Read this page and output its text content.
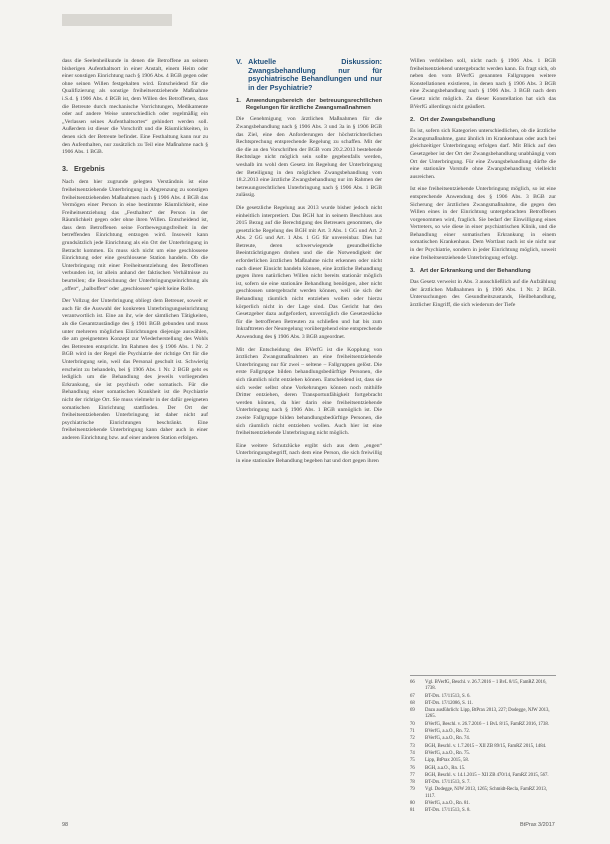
dass die Seelenheilkunde in denen die Betroffene an seinem bisherigen Aufenthaltsort in einer Anstalt, einem Heim oder einer sonstigen Einrichtung nach § 1906 Abs. 4 BGB gegen oder ohne seinen Willen festgehalten wird. Entscheidend für die Qualifizierung als sonstige freiheitsentziehende Maßnahme i.S.d. § 1906 Abs. 4 BGB ist, dem Willen des Betroffenen, dass die Betreute durch mechanische Vorrichtungen, Medikamente oder auf andere Weise unterschiedlich oder regelmäßig ein „Verlassen seines Aufenthaltsortes“ gehindert werden soll. Außerdem ist dieser die Vorschrift und die Räumlichkeiten, in denen sich der Betreute befindet. Eine Festhaltung kann nur zu den Aufenthalten, nur zusätzlich zu Teil eine Maßnahme nach § 1906 Abs. 1 BGB.

3. Ergebnis

Nach dem hier zugrunde gelegten Verständnis ist eine freiheitsentziehende Unterbringung in Abgrenzung zu sonstigen freiheitsentziehenden Maßnahmen nach § 1906 Abs. 4 BGB das Vermögen einer Person in eine bestimmte Räumlichkeit, eine Freiheitsentziehung das „Festhalten“ der Person in der Räumlichkeit gegen oder ohne ihren Willen. Entscheidend ist, dass dem Betroffenen seine Fortbewegungsfreiheit in der betreffenden Einrichtung entzogen wird. Insoweit kann grundsätzlich jede Einrichtung als ein Ort der Unterbringung in Betracht kommen. Es muss sich nicht um eine geschlossene Einrichtung oder eine geschlossene Station handeln. Ob die Unterbringung mit einer Freiheitsentziehung des Betroffenen verbunden ist, ist allein anhand der faktischen Verhältnisse zu beurteilen; die Bezeichnung der Unterbringungseinrichtung als „offen“, „halboffen“ oder „geschlossen“ spielt keine Rolle.

Der Vollzug der Unterbringung obliegt dem Betreuer, soweit er auch für die Auswahl der konkreten Unterbringungseinrichtung verantwortlich ist. Eine an ihr, wie der sämtlichen Tätigkeiten, als die Gesamtzuständige des § 1901 BGB gebunden und muss unter mehreren möglichen Einrichtungen diejenige auswählen, die am geeignetsten Konzept zur Wiederherstellung des Wohls des Betreuten entspricht. Im Rahmen des § 1906 Abs. 1 Nr. 2 BGB wird in der Regel die Psychiatrie der richtige Ort für die Unterbringung sein, weil das Personal geschult ist. Schwierig erscheint zu behandeln, bei § 1906 Abs. 1 Nr. 2 BGB geht es lediglich um die Behandlung des jeweils vorliegenden Erkrankung, sie ist psychisch oder somatisch. Für die Behandlung einer somatischen Krankheit ist die Psychiatrie nicht der richtige Ort. Sie muss vielmehr in der dafür geeigneten somatischen Einrichtung stattfinden. Der Ort der freiheitsentziehenden Unterbringung ist daher nicht auf psychiatrische Einrichtungen beschränkt. Eine freiheitsentziehende Unterbringung kann daher auch in einer anderen Einrichtung bzw. auf einer anderen Station erfolgen.

V. Aktuelle Diskussion: Zwangsbehandlung nur für psychiatrische Behandlungen und nur in der Psychiatrie?
1. Anwendungsbereich der betreuungsrechtlichen Regelungen für ärztliche Zwangsmaßnahmen

Die Genehmigung von ärztlichen Maßnahmen für die Zwangsbehandlung nach § 1906 Abs. 3 und 3a in § 1906 BGB das Ziel, eine den Anforderungen der höchstrichterlichen Rechtsprechung entsprechende Regelung zu schaffen. Mit der die die an den Vorschriften der BGB vom 20.2.2013 bestehende Rechtslage nicht möglich sein sollte gegebenfalls werden, weshalb im wohl dem Gesetz im Regelung der Unterbringung der Beteiligung in den möglichen Zwangsbehandlung vom 18.2.2013 eine ärztliche Zwangsbehandlung nur im Rahmen der betreuungsrechtlichen Unterbringung nach § 1906 Abs. 1 BGB zulässig.

Die gesetzliche Regelung aus 2013 wurde bisher jedoch nicht einheitlich interpretiert. Das BGH hat in seinem Beschluss aus 2015 Bezug auf die Berechtigung des Betreuers genommen, die gesetzliche Regelung des BGH mit Art. 3 Abs. 1 GG und Art. 2 Abs. 2 GG und Art. 1 Abs. 1 GG für unvereinbar. Dies hat Betreute, deren schwerwiegende gesundheitliche Beeinträchtigungen drohen und die die Notwendigkeit der erforderlichen ärztlichen Maßnahme nicht erkennen oder nicht nach dieser Einsicht handeln können, eine ärztliche Behandlung gegen ihren natürlichen Willen nicht bereits stationär möglich ist, sofern sie eine stationäre Behandlung benötigen, aber nicht geschlossen untergebracht werden können, weil sie sich der Behandlung räumlich nicht entziehen wollen oder hierzu körperlich nicht in der Lage sind. Das Gericht hat den Gesetzgeber dazu aufgefordert, unverzüglich die Gesetzeslücke für die betroffenen Betreuten zu schließen und hat bis zum Inkrafttreten der Neuregelung vorübergehend eine entsprechende Anwendung des § 1906 Abs. 3 BGB angeordnet.

Mit der Entscheidung des BVerfG ist die Kopplung von ärztlichen Zwangsmaßnahmen an eine freiheitsentziehende Unterbringung nur für zwei – seltene – Fallgruppen gelöst. Die erste Fallgruppe bilden behandlungsbedürftige Personen, die sich räumlich nicht entziehen können. Entscheidend ist, dass sie sich weder selbst ohne Vorkehrungen können noch mithilfe Dritter entziehen, deren Transportunfähigkeit fortgebracht werden können, da hier darin eine freiheitsentziehende Unterbringung nach § 1906 Abs. 1 BGB unmöglich ist. Die zweite Fallgruppe bilden behandlungsbedürftige Personen, die sich räumlich nicht entziehen wollen. Auch hier ist eine freiheitsentziehende Unterbringung nicht möglich.

Eine weitere Schutzlücke ergibt sich aus dem „engen“ Unterbringungsbegriff, nach dem eine Person, die sich freiwillig in eine stationäre Behandlung begeben hat und dort gegen ihren

Willen verbleiben soll, nicht nach § 1906 Abs. 1 BGB freiheitsentziehend untergebracht werden kann. Es fragt sich, ob neben den vom BVerfG genannten Fallgruppen weitere Konstellationen existieren, in denen nach § 1906 Abs. 3 BGB eine Zwangsbehandlung nach § 1906 Abs. 3 BGB nach dem Gesetz nicht möglich. Zu dieser Konstellation hat sich das BVerfG allerdings nicht geäußert.

2. Ort der Zwangsbehandlung

Es ist, sofern sich Kategorien unterschiedlichen, ob die ärztliche Zwangsmaßnahme, ganz ähnlich im Krankenhaus oder auch bei gleichzeitiger Unterbringung erfolgen darf. Mit Blick auf den Gesetzgeber ist der Ort der Zwangsbehandlung unabhängig vom Ort der Unterbringung. Für eine Zwangsbehandlung dürfte die eine stationäre Vorstufe ohne Zwangsbehandlung vielleicht ausreichen.

Ist eine freiheitsentziehende Unterbringung möglich, so ist eine entsprechende Anwendung des § 1906 Abs. 3 BGB zur Sicherung der ärztlichen Zwangsmaßnahme, die gegen den Willen eines in der Einrichtung untergebrachten Betroffenen vorgenommen wird, fraglich. Sie bedarf der Einwilligung eines Vertreters, so wie diese in einer psychiatrischen Klinik, und die Behandlung einer somatischen Erkrankung in einem somatischen Krankenhaus. Dem Wortlaut nach ist sie nicht nur in der Psychiatrie, sondern in jeder Einrichtung möglich, soweit eine freiheitsentziehende Unterbringung erfolgt.

3. Art der Erkrankung und der Behandlung

Das Gesetz verweist in Abs. 3 ausschließlich auf die Aufzählung der ärztlichen Maßnahmen in § 1906 Abs. 1 Nr. 2 BGB. Untersuchungen des Gesundheitszustands, Heilbehandlung, ärztlicher Eingriff, die sich wiederum der Tiefe

66	Vgl. BVerfG, Beschl. v. 26.7.2016 – 1 BvL 8/15, FamRZ 2016, 1738.
67	BT-Drs. 17/11513, S. 6.
68	BT-Drs. 17/12086, S. 11.
69	Dazu ausführlich: Lipp, BtPrax 2013, 227; Dodegge, NJW 2013, 1265.
70	BVerfG, Beschl. v. 26.7.2016 – 1 BvL 8/15, FamRZ 2016, 1738.
71	BVerfG, a.a.O., Rn. 72.
72	BVerfG, a.a.O., Rn. 74.
73	BGH, Beschl. v. 1.7.2015 – XII ZB 89/15, FamRZ 2015, 1484.
74	BVerfG, a.a.O., Rn. 75.
75	Lipp, BtPrax 2015, 58.
76	BGH, a.a.O., Rn. 15.
77	BGH, Beschl. v. 14.1.2015 – XII ZB 470/14, FamRZ 2015, 567.
78	BT-Drs. 17/11513, S. 7.
79	Vgl. Dodegge, NJW 2013, 1265; Schmidt-Recla, FamRZ 2013, 1117.
80	BVerfG, a.a.O., Rn. 81.
81	BT-Drs. 17/11513, S. 8.
98	BtPrax 3/2017
